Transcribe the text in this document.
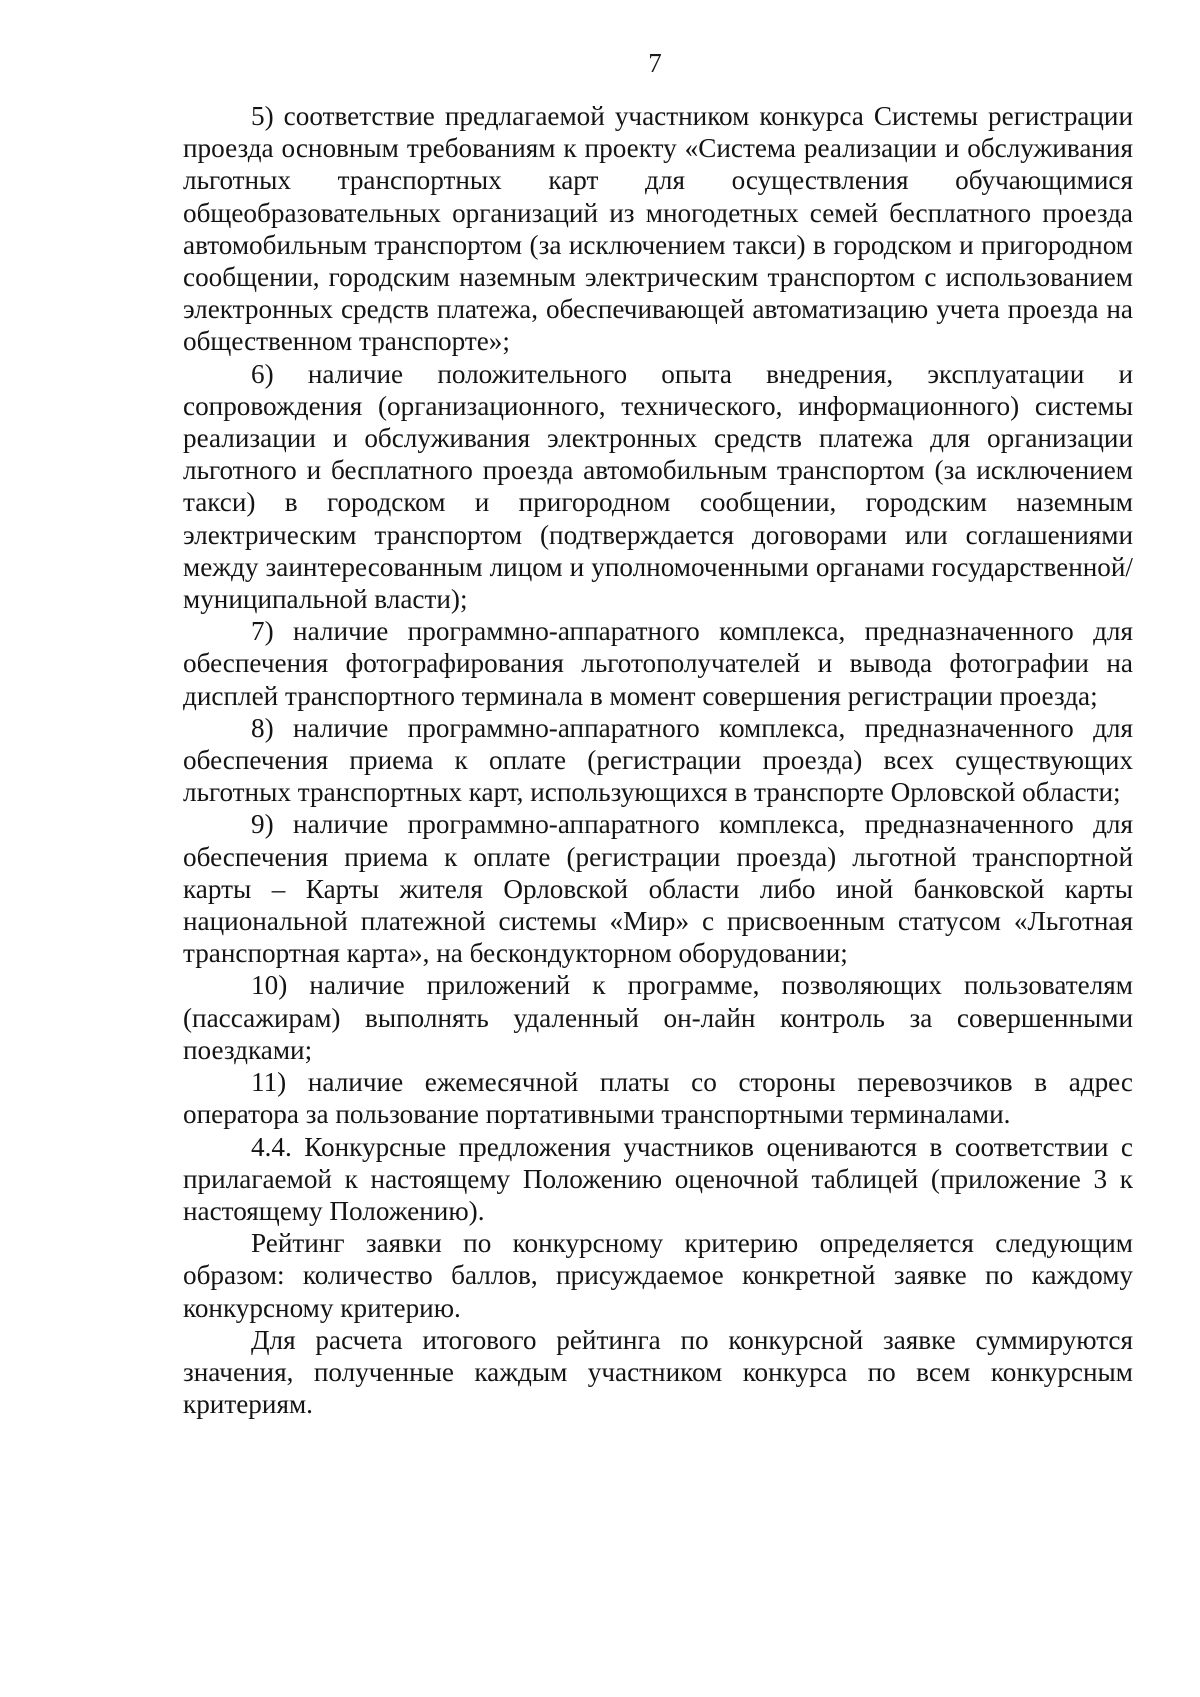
7

5) соответствие предлагаемой участником конкурса Системы регистрации проезда основным требованиям к проекту «Система реализации и обслуживания льготных транспортных карт для осуществления обучающимися общеобразовательных организаций из многодетных семей бесплатного проезда автомобильным транспортом (за исключением такси) в городском и пригородном сообщении, городским наземным электрическим транспортом с использованием электронных средств платежа, обеспечивающей автоматизацию учета проезда на общественном транспорте»;

6) наличие положительного опыта внедрения, эксплуатации и сопровождения (организационного, технического, информационного) системы реализации и обслуживания электронных средств платежа для организации льготного и бесплатного проезда автомобильным транспортом (за исключением такси) в городском и пригородном сообщении, городским наземным электрическим транспортом (подтверждается договорами или соглашениями между заинтересованным лицом и уполномоченными органами государственной/муниципальной власти);

7) наличие программно-аппаратного комплекса, предназначенного для обеспечения фотографирования льготополучателей и вывода фотографии на дисплей транспортного терминала в момент совершения регистрации проезда;

8) наличие программно-аппаратного комплекса, предназначенного для обеспечения приема к оплате (регистрации проезда) всех существующих льготных транспортных карт, использующихся в транспорте Орловской области;

9) наличие программно-аппаратного комплекса, предназначенного для обеспечения приема к оплате (регистрации проезда) льготной транспортной карты – Карты жителя Орловской области либо иной банковской карты национальной платежной системы «Мир» с присвоенным статусом «Льготная транспортная карта», на бескондукторном оборудовании;

10) наличие приложений к программе, позволяющих пользователям (пассажирам) выполнять удаленный он-лайн контроль за совершенными поездками;

11) наличие ежемесячной платы со стороны перевозчиков в адрес оператора за пользование портативными транспортными терминалами.

4.4. Конкурсные предложения участников оцениваются в соответствии с прилагаемой к настоящему Положению оценочной таблицей (приложение 3 к настоящему Положению).

Рейтинг заявки по конкурсному критерию определяется следующим образом: количество баллов, присуждаемое конкретной заявке по каждому конкурсному критерию.

Для расчета итогового рейтинга по конкурсной заявке суммируются значения, полученные каждым участником конкурса по всем конкурсным критериям.
